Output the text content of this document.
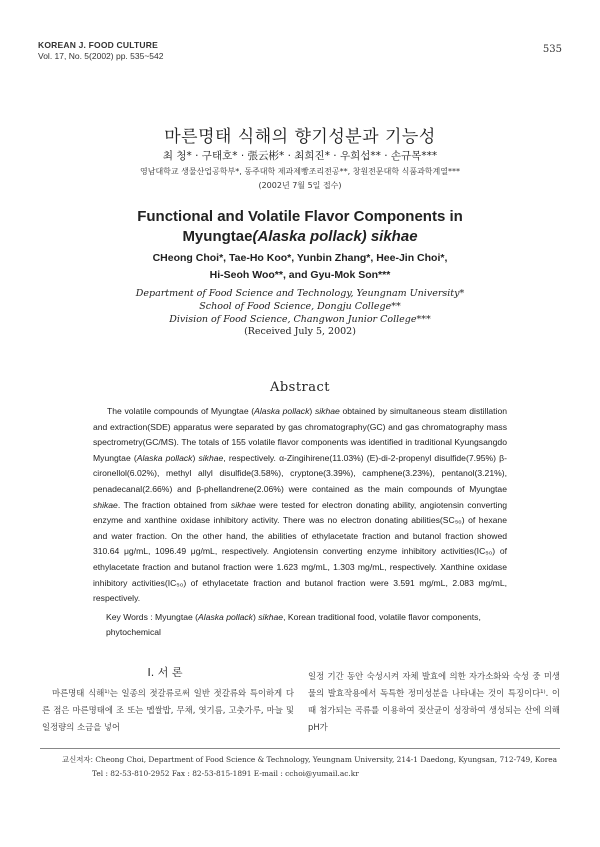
KOREAN J. FOOD CULTURE
Vol. 17, No. 5(2002) pp. 535~542
535
마른명태 식해의 향기성분과 기능성
최 청* · 구태호* · 張云彬* · 최희진* · 우희섭** · 손규목***
영남대학교 생물산업공학부*, 동주대학 제과제빵조리전공**, 창원전문대학 식품과학계열***
(2002년 7월 5일 접수)
Functional and Volatile Flavor Components in
Myungtae(Alaska pollack) sikhae
CHeong Choi*, Tae-Ho Koo*, Yunbin Zhang*, Hee-Jin Choi*,
Hi-Seoh Woo**, and Gyu-Mok Son***
Department of Food Science and Technology, Yeungnam University*
School of Food Science, Dongju College**
Division of Food Science, Changwon Junior College***
(Received July 5, 2002)
Abstract
The volatile compounds of Myungtae (Alaska pollack) sikhae obtained by simultaneous steam distillation and extraction(SDE) apparatus were separated by gas chromatography(GC) and gas chromatography mass spectrometry(GC/MS). The totals of 155 volatile flavor components was identified in traditional Kyungsangdo Myungtae (Alaska pollack) sikhae, respectively. α-Zingihirene(11.03%) (E)-di-2-propenyl disulfide(7.95%) β-cironellol(6.02%), methyl allyl disulfide(3.58%), cryptone(3.39%), camphene(3.23%), pentanol(3.21%), penadecanal(2.66%) and β-phellandrene(2.06%) were contained as the main compounds of Myungtae shikae. The fraction obtained from sikhae were tested for electron donating ability, angiotensin converting enzyme and xanthine oxidase inhibitory activity. There was no electron donating abilities(SC₅₀) of hexane and water fraction. On the other hand, the abilities of ethylacetate fraction and butanol fraction showed 310.64 μg/mL, 1096.49 μg/mL, respectively. Angiotensin converting enzyme inhibitory activities(IC₅₀) of ethylacetate fraction and butanol fraction were 1.623 mg/mL, 1.303 mg/mL, respectively. Xanthine oxidase inhibitory activities(IC₅₀) of ethylacetate fraction and butanol fraction were 3.591 mg/mL, 2.083 mg/mL, respectively.
Key Words : Myungtae (Alaska pollack) sikhae, Korean traditional food, volatile flavor components, phytochemical
I. 서 론
마른명태 식해¹⁾는 일종의 젓갈류로써 일반 젓갈류와 특이하게 다른 점은 마른명태에 조 또는 멥쌀밥, 무채, 엿기름, 고춧가루, 마늘 및 일정량의 소금을 넣어
일정 기간 동안 숙성시켜 자체 발효에 의한 자가소화와 숙성 중 미생물의 발효작용에서 독특한 정미성분을 나타내는 것이 특징이다¹⁾. 이 때 첨가되는 곡류를 이용하여 젖산균이 성장하여 생성되는 산에 의해 pH가
교신저자: Cheong Choi, Department of Food Science & Technology, Yeungnam University, 214-1 Daedong, Kyungsan, 712-749, Korea
Tel : 82-53-810-2952 Fax : 82-53-815-1891 E-mail : cchoi@yumail.ac.kr
